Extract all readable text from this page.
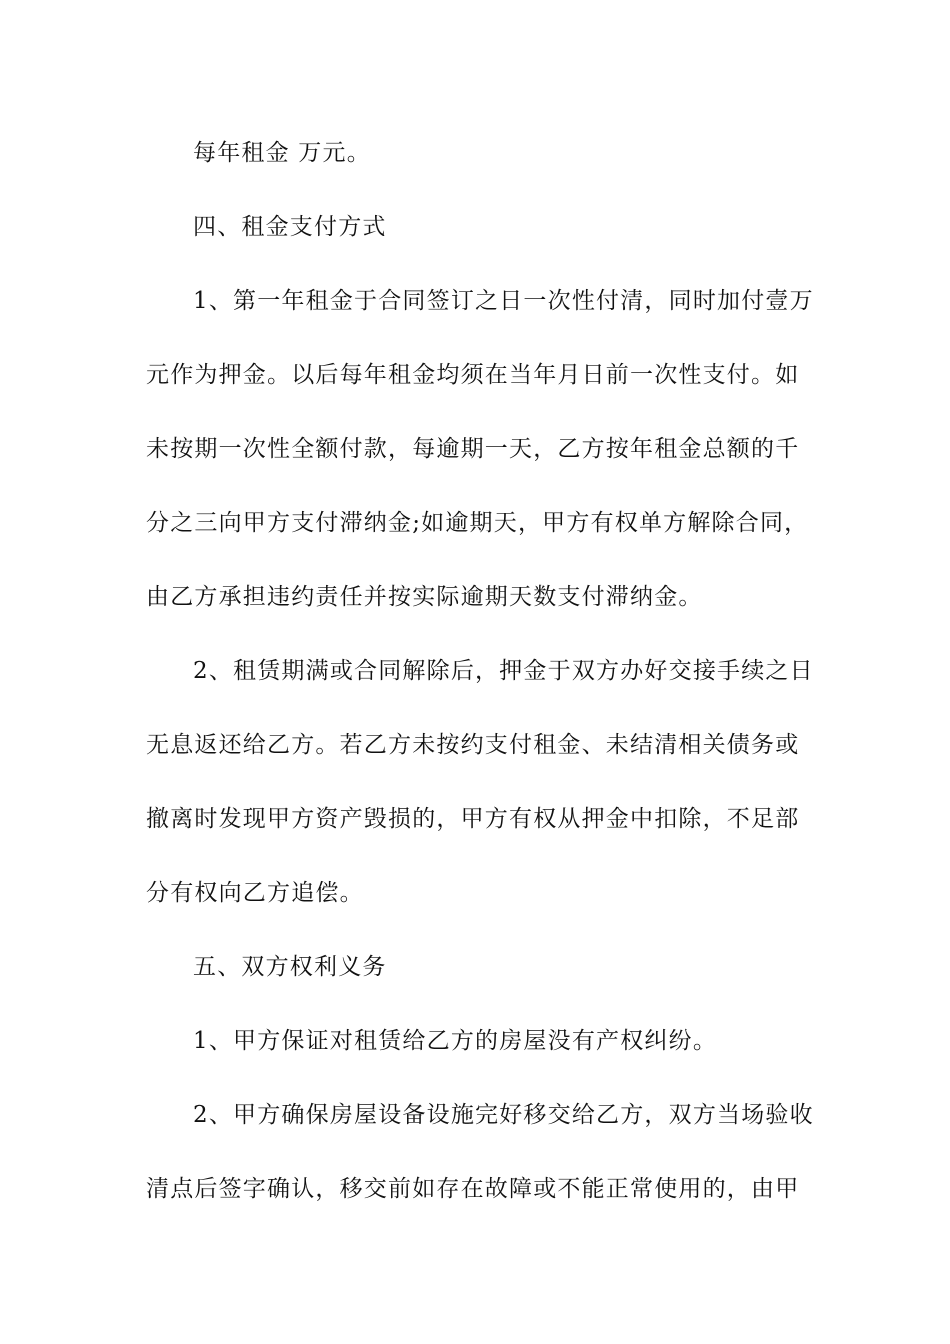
每年租金 万元。
四、租金支付方式
1、第一年租金于合同签订之日一次性付清，同时加付壹万
元作为押金。以后每年租金均须在当年月日前一次性支付。如
未按期一次性全额付款，每逾期一天，乙方按年租金总额的千
分之三向甲方支付滞纳金;如逾期天，甲方有权单方解除合同，
由乙方承担违约责任并按实际逾期天数支付滞纳金。
2、租赁期满或合同解除后，押金于双方办好交接手续之日
无息返还给乙方。若乙方未按约支付租金、未结清相关债务或
撤离时发现甲方资产毁损的，甲方有权从押金中扣除，不足部
分有权向乙方追偿。
五、双方权利义务
1、甲方保证对租赁给乙方的房屋没有产权纠纷。
2、甲方确保房屋设备设施完好移交给乙方，双方当场验收
清点后签字确认，移交前如存在故障或不能正常使用的，由甲
